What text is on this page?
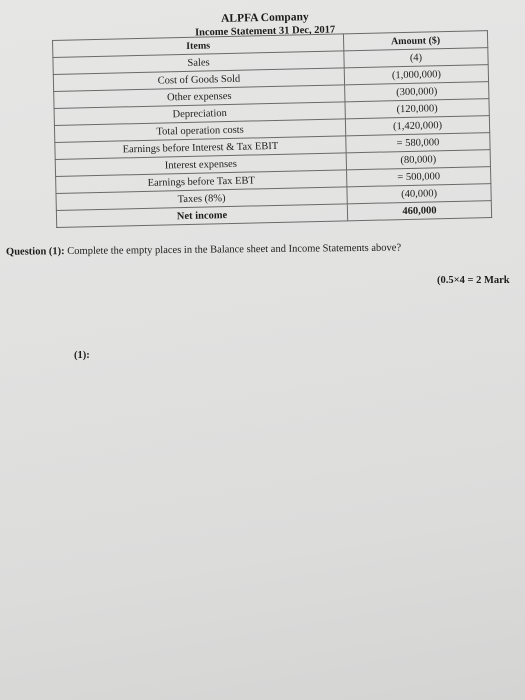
ALPFA Company
Income Statement 31 Dec, 2017
Items	Amount ($)
Sales	(4)
Cost of Goods Sold	(1,000,000)
Other expenses	(300,000)
Depreciation	(120,000)
Total operation costs	(1,420,000)
Earnings before Interest & Tax EBIT	= 580,000
Interest expenses	(80,000)
Earnings before Tax EBT	= 500,000
Taxes (8%)	(40,000)
Net income	460,000
Question (1): Complete the empty places in the Balance sheet and Income Statements above?
(0.5×4 = 2 Mark
(1):
